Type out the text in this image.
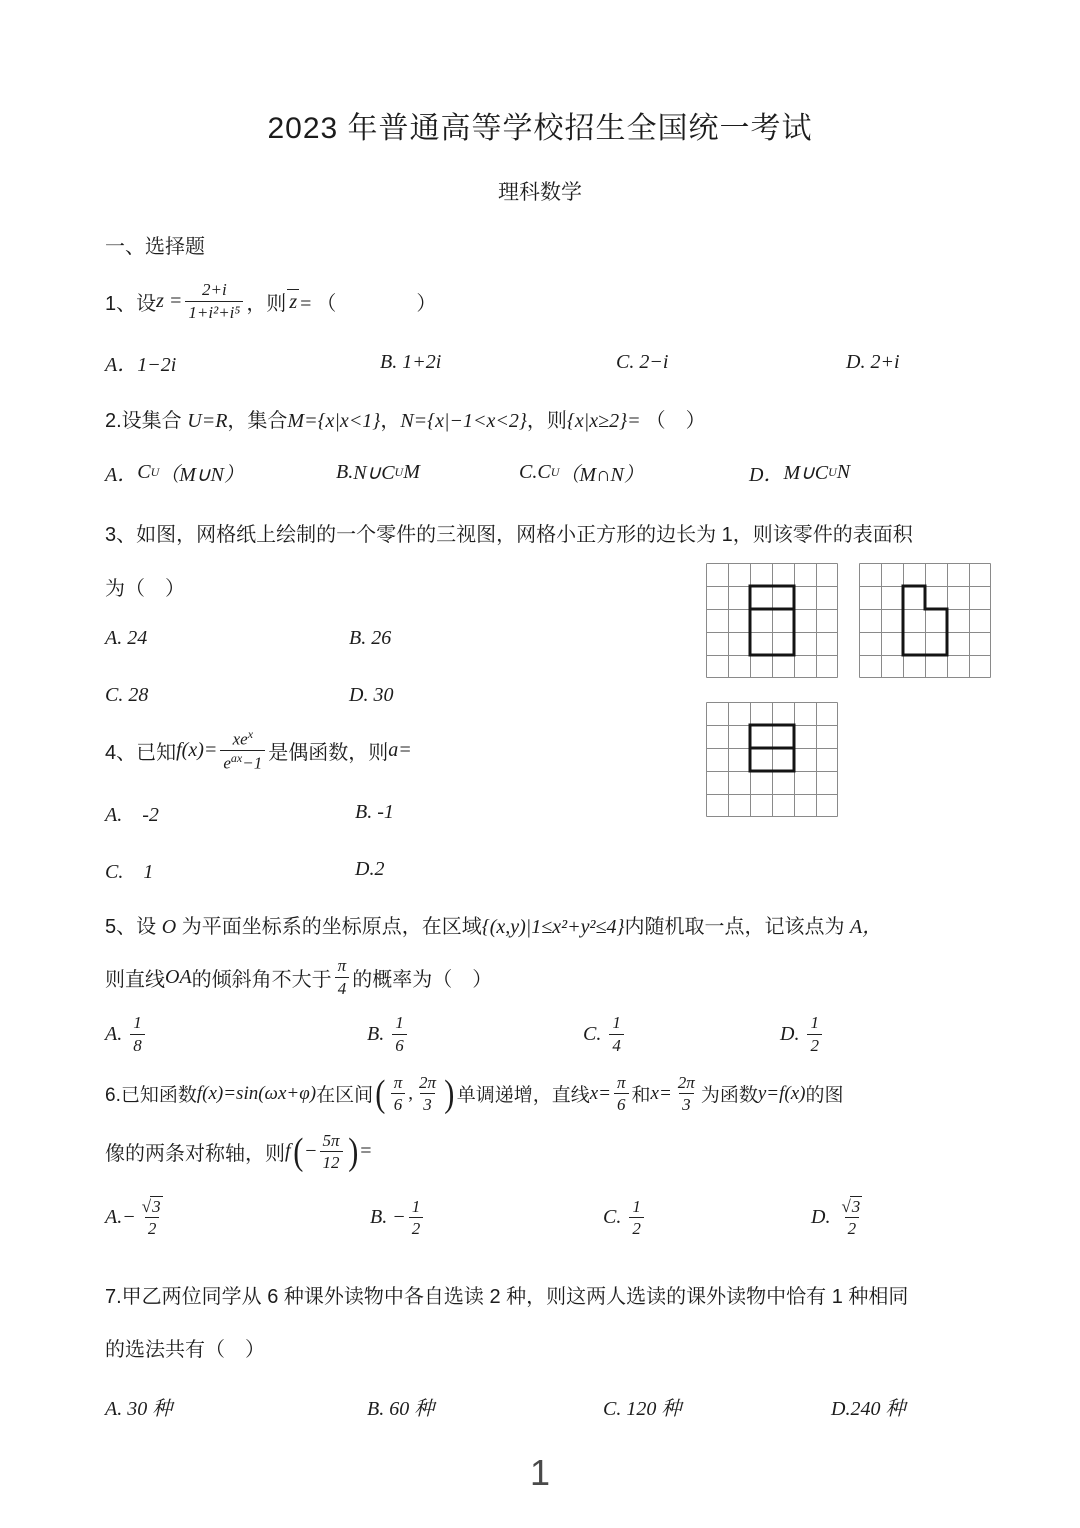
2023 年普通高等学校招生全国统一考试
理科数学
一、选择题
1、设 $z = \frac{2+i}{\text{1+i²+i⁵}}$ ，则 z = （　　　　）
A．1−2i	B. 1+2i	C. 2−i	D. 2+i
2.设集合 U=R，集合M={x|x<1}，N={x|−1<x<2}，则{x|x≥2}= （　）
A． C U （M∪N）	B. N∪C U M	C. C U （M∩N）	D． M∪C U N
3、如图，网格纸上绘制的一个零件的三视图，网格小正方形的边长为 1，则该零件的表面积
为（　）
A. 24	B. 26
C. 28	D. 30
4、已知 $f(x)= \frac{xe^x}{e^{ax}-1}$ 是偶函数，则 a=
A.　-2	B. -1
C.　1	D.2
5、设 O 为平面坐标系的坐标原点，在区域{(x,y)|1≤x²+y²≤4}内随机取一点，记该点为 A，
则直线 OA 的倾斜角不大于 $\frac{\pi}{4}$ 的概率为（　）
A.
$\frac{1}{8}$	B.
$\frac{1}{6}$	C.
$\frac{1}{4}$	D.
$\frac{1}{2}$
6.已知函数 f(x)=sin(ωx+φ) 在区间 ( $\frac{\pi}{6}$ , $\frac{2\pi}{3}$ ) 单调递增，直线 $x= \frac{\pi}{6}$ 和 $x= \frac{2\pi}{3}$ 为函数 y=f(x) 的图
像的两条对称轴，则 f ( − $\frac{5\pi}{12}$ ) =
A. − $\frac{√3}{2}$	B.
− $\frac{1}{2}$	C.
$\frac{1}{2}$	D.
$\frac{√3}{2}$
7.甲乙两位同学从 6 种课外读物中各自选读 2 种，则这两人选读的课外读物中恰有 1 种相同
的选法共有（　）
A. 30 种	B. 60 种	C. 120 种	D.240 种
1
